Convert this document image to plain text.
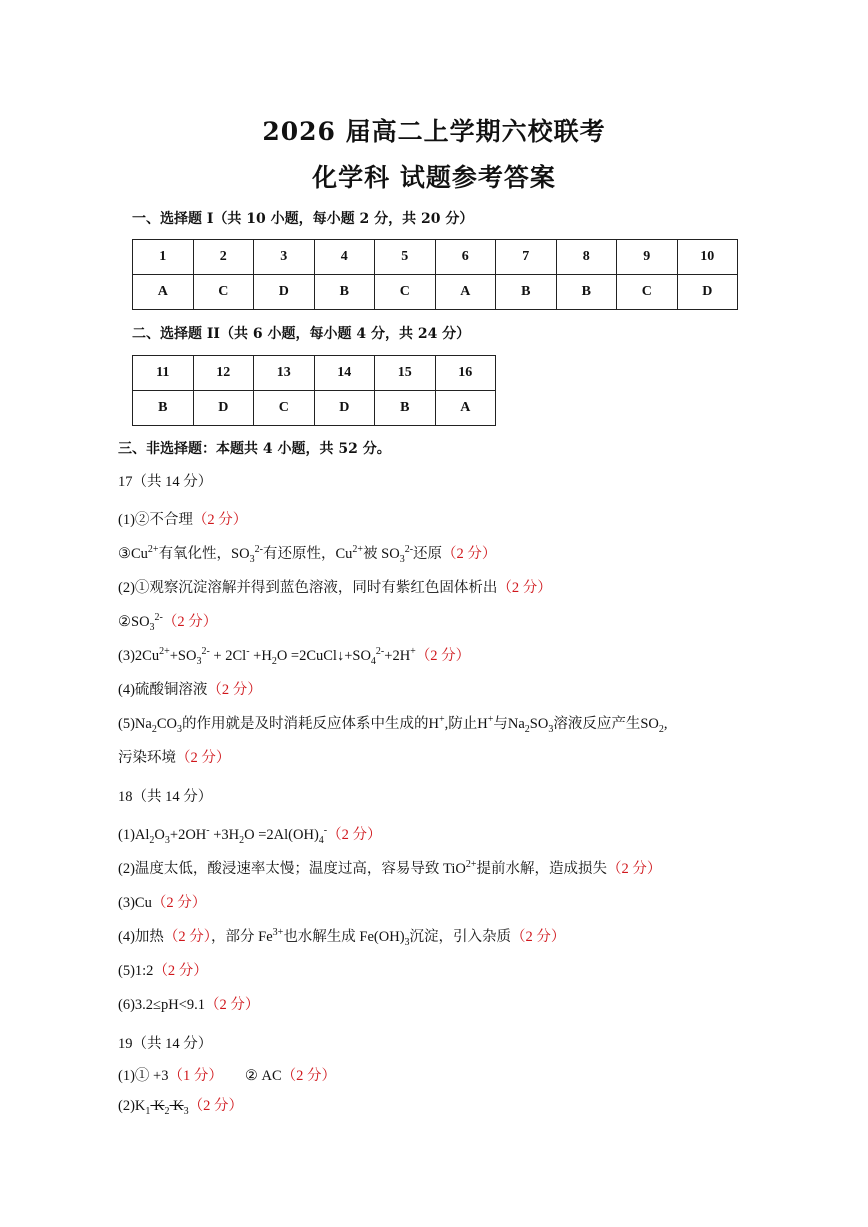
2026 届高二上学期六校联考
化学科 试题参考答案
一、选择题 I（共 10 小题，每小题 2 分，共 20 分）
1	2	3	4	5	6	7	8	9	10
A	C	D	B	C	A	B	B	C	D
二、选择题 II（共 6 小题，每小题 4 分，共 24 分）
11	12	13	14	15	16
B	D	C	D	B	A
三、非选择题：本题共 4 小题，共 52 分。
17（共 14 分）
(1)②不合理（2 分）
$③Cu^{2+}$有氧化性，$SO_3^{2-}$有还原性，$Cu^{2+}$被 $SO_3^{2-}$还原（2 分）
(2)①观察沉淀溶解并得到蓝色溶液，同时有紫红色固体析出（2 分）
$②SO_3^{2-}(2$ 分）
$(3)2Cu^{2+}+SO_3^{2-} + 2Cl^- +H_2O$ $=2CuCl↓+SO_4^{2-}+2H^+(2$ 分）
(4)硫酸铜溶液（2 分）
$(5)Na_2CO_3$的作用就是及时消耗反应体系中生成的H+,防止H+与$Na_2SO_3$溶液反应产生$SO_2$,
污染环境（2 分）
18（共 14 分）
$(1)Al_2O_3+2OH^- +3H_2O =2Al(OH)_4^-(2$ 分）
(2)温度太低，酸浸速率太慢；温度过高，容易导致 TiO$^{2+}$提前水解，造成损失（2 分）
(3)Cu（2 分）
(4)加热（2 分），部分 $Fe^{3+}$也水解生成 $Fe(OH)_3$沉淀，引入杂质（2 分）
(5)1:2（2 分）
(6)3.2≤pH<9.1（2 分）
19（共 14 分）
(1)① +3（1 分） ② AC（2 分）
$(2)K_1$ $K_2$ $K_3(2$ 分）
